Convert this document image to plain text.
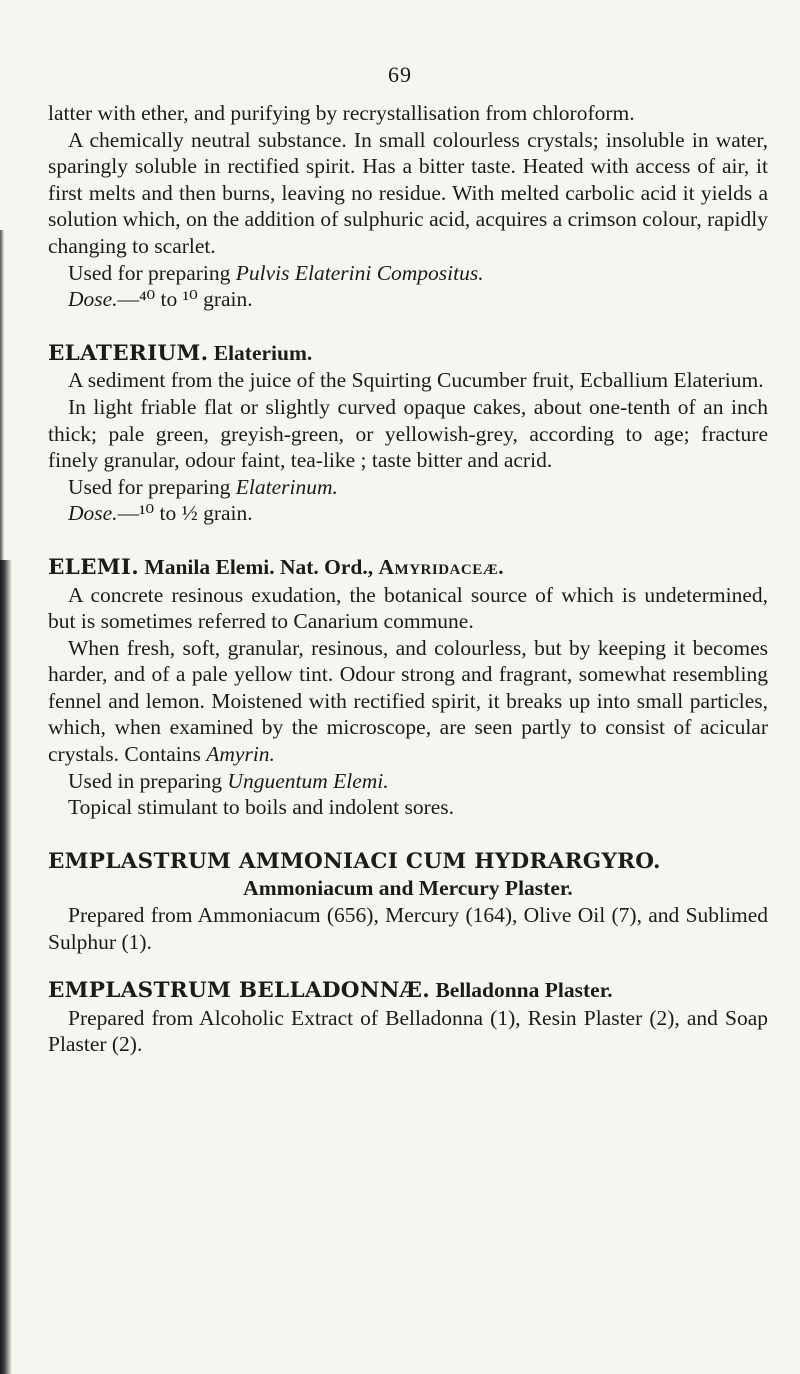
69

latter with ether, and purifying by recrystallisation from chloroform.

A chemically neutral substance. In small colourless crystals; insoluble in water, sparingly soluble in rectified spirit. Has a bitter taste. Heated with access of air, it first melts and then burns, leaving no residue. With melted carbolic acid it yields a solution which, on the addition of sulphuric acid, acquires a crimson colour, rapidly changing to scarlet.

Used for preparing Pulvis Elaterini Compositus.

Dose.—⁴⁰ to ¹⁰ grain.

ELATERIUM. Elaterium.

A sediment from the juice of the Squirting Cucumber fruit, Ecballium Elaterium.

In light friable flat or slightly curved opaque cakes, about one-tenth of an inch thick; pale green, greyish-green, or yellowish-grey, according to age; fracture finely granular, odour faint, tea-like ; taste bitter and acrid.

Used for preparing Elaterinum.

Dose.—¹⁰ to ½ grain.

ELEMI. Manila Elemi. Nat. Ord., Amyridaceæ.

A concrete resinous exudation, the botanical source of which is undetermined, but is sometimes referred to Canarium commune.

When fresh, soft, granular, resinous, and colourless, but by keeping it becomes harder, and of a pale yellow tint. Odour strong and fragrant, somewhat resembling fennel and lemon. Moistened with rectified spirit, it breaks up into small particles, which, when examined by the microscope, are seen partly to consist of acicular crystals. Contains Amyrin.

Used in preparing Unguentum Elemi.

Topical stimulant to boils and indolent sores.

EMPLASTRUM AMMONIACI CUM HYDRARGYRO.

Ammoniacum and Mercury Plaster.

Prepared from Ammoniacum (656), Mercury (164), Olive Oil (7), and Sublimed Sulphur (1).

EMPLASTRUM BELLADONNÆ. Belladonna Plaster.

Prepared from Alcoholic Extract of Belladonna (1), Resin Plaster (2), and Soap Plaster (2).
